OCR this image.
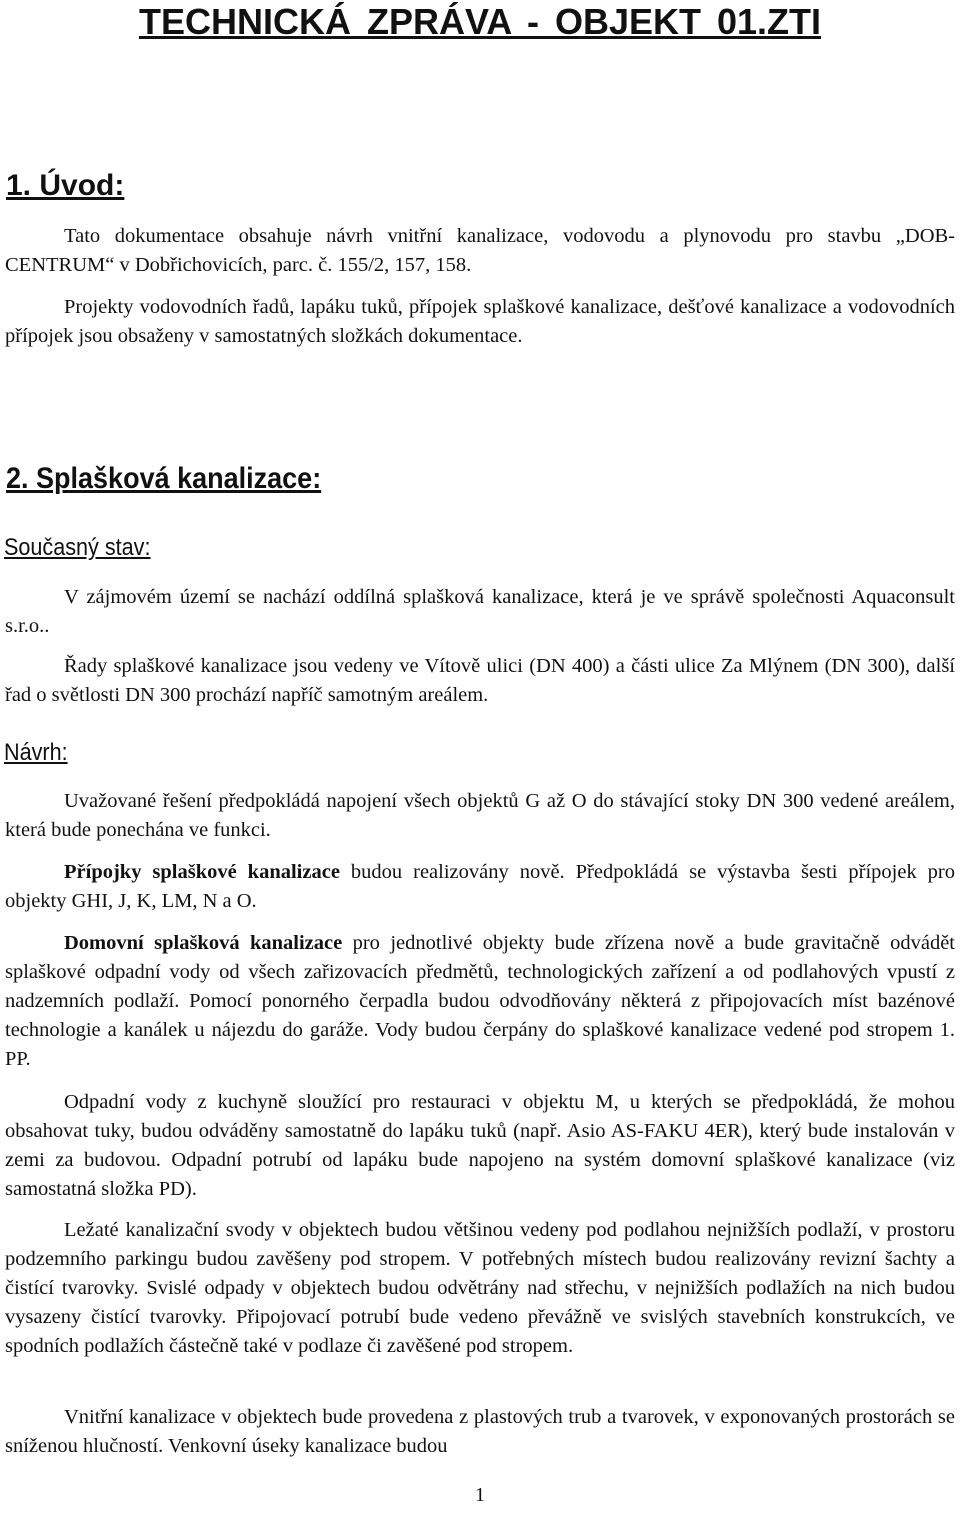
TECHNICKÁ ZPRÁVA - OBJEKT 01.ZTI
1. Úvod:

Tato dokumentace obsahuje návrh vnitřní kanalizace, vodovodu a plynovodu pro stavbu „DOB-CENTRUM“ v Dobřichovicích, parc. č. 155/2, 157, 158.

Projekty vodovodních řadů, lapáku tuků, přípojek splaškové kanalizace, dešťové kanalizace a vodovodních přípojek jsou obsaženy v samostatných složkách dokumentace.

2. Splašková kanalizace:
Současný stav:

V zájmovém území se nachází oddílná splašková kanalizace, která je ve správě společnosti Aquaconsult s.r.o..

Řady splaškové kanalizace jsou vedeny ve Vítově ulici (DN 400) a části ulice Za Mlýnem (DN 300), další řad o světlosti DN 300 prochází napříč samotným areálem.

Návrh:

Uvažované řešení předpokládá napojení všech objektů G až O do stávající stoky DN 300 vedené areálem, která bude ponechána ve funkci.

Přípojky splaškové kanalizace budou realizovány nově. Předpokládá se výstavba šesti přípojek pro objekty GHI, J, K, LM, N a O.

Domovní splašková kanalizace pro jednotlivé objekty bude zřízena nově a bude gravitačně odvádět splaškové odpadní vody od všech zařizovacích předmětů, technologických zařízení a od podlahových vpustí z nadzemních podlaží. Pomocí ponorného čerpadla budou odvodňovány některá z připojovacích míst bazénové technologie a kanálek u nájezdu do garáže. Vody budou čerpány do splaškové kanalizace vedené pod stropem 1. PP.

Odpadní vody z kuchyně sloužící pro restauraci v objektu M, u kterých se předpokládá, že mohou obsahovat tuky, budou odváděny samostatně do lapáku tuků (např. Asio AS-FAKU 4ER), který bude instalován v zemi za budovou. Odpadní potrubí od lapáku bude napojeno na systém domovní splaškové kanalizace (viz samostatná složka PD).

Ležaté kanalizační svody v objektech budou většinou vedeny pod podlahou nejnižších podlaží, v prostoru podzemního parkingu budou zavěšeny pod stropem. V potřebných místech budou realizovány revizní šachty a čistící tvarovky. Svislé odpady v objektech budou odvětrány nad střechu, v nejnižších podlažích na nich budou vysazeny čistící tvarovky. Připojovací potrubí bude vedeno převážně ve svislých stavebních konstrukcích, ve spodních podlažích částečně také v podlaze či zavěšené pod stropem.

Vnitřní kanalizace v objektech bude provedena z plastových trub a tvarovek, v exponovaných prostorách se sníženou hlučností. Venkovní úseky kanalizace budou

1
